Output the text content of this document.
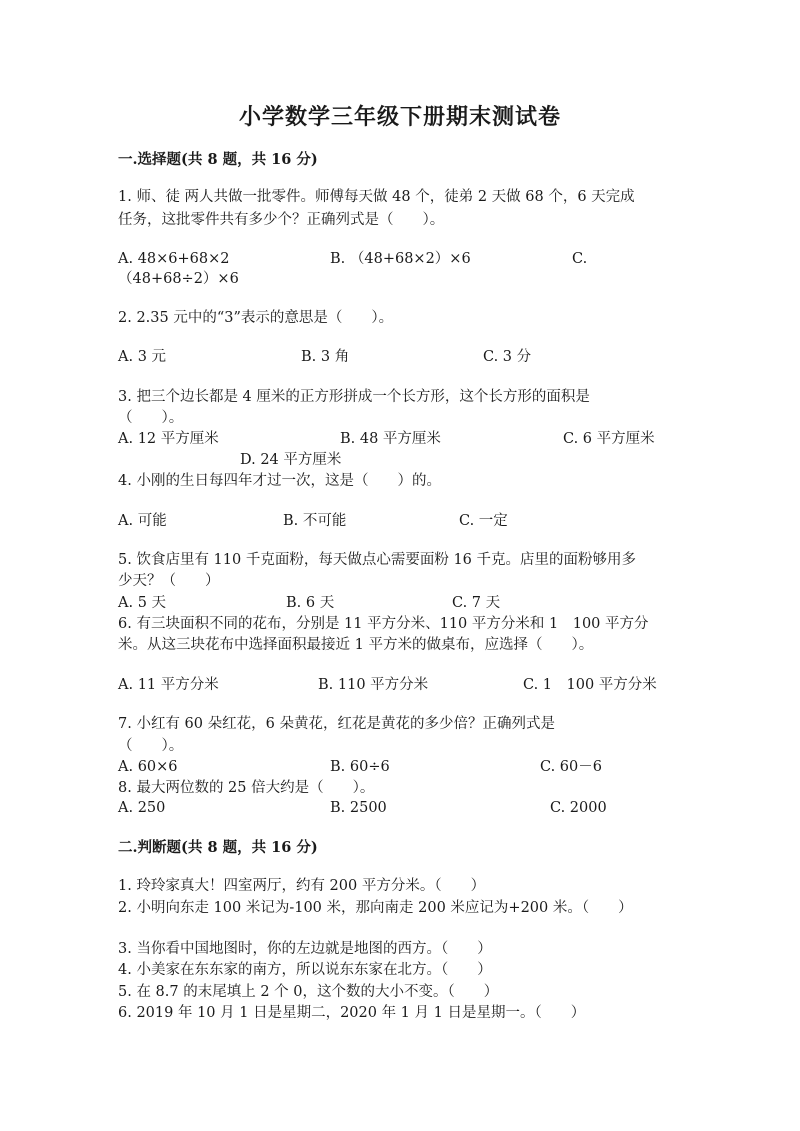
小学数学三年级下册期末测试卷
一.选择题(共 8 题，共 16 分)
1. 师、徒 两人共做一批零件。师傅每天做 48 个，徒弟 2 天做 68 个，6 天完成
任务，这批零件共有多少个？正确列式是（　　）。
A. 48×6+68×2	B. （48+68×2）×6	C.
（48+68÷2）×6
2. 2.35 元中的“3”表示的意思是（　　）。
A. 3 元	B. 3 角	C. 3 分
3. 把三个边长都是 4 厘米的正方形拼成一个长方形，这个长方形的面积是
（　　）。
A. 12 平方厘米	B. 48 平方厘米	C. 6 平方厘米
D. 24 平方厘米
4. 小刚的生日每四年才过一次，这是（　　）的。
A. 可能	B. 不可能	C. 一定
5. 饮食店里有 110 千克面粉，每天做点心需要面粉 16 千克。店里的面粉够用多
少天？（　　）
A. 5 天	B. 6 天	C. 7 天
6. 有三块面积不同的花布，分别是 11 平方分米、110 平方分米和 1　100 平方分
米。从这三块花布中选择面积最接近 1 平方米的做桌布，应选择（　　）。
A. 11 平方分米	B. 110 平方分米	C. 1　100 平方分米
7. 小红有 60 朵红花，6 朵黄花，红花是黄花的多少倍？正确列式是
（　　）。
A. 60×6	B. 60÷6	C. 60－6
8. 最大两位数的 25 倍大约是（　　）。
A. 250	B. 2500	C. 2000
二.判断题(共 8 题，共 16 分)
1. 玲玲家真大！四室两厅，约有 200 平方分米。（　　）
2. 小明向东走 100 米记为-100 米，那向南走 200 米应记为+200 米。（　　）
3. 当你看中国地图时，你的左边就是地图的西方。（　　）
4. 小美家在东东家的南方，所以说东东家在北方。（　　）
5. 在 8.7 的末尾填上 2 个 0，这个数的大小不变。（　　）
6. 2019 年 10 月 1 日是星期二，2020 年 1 月 1 日是星期一。（　　）
